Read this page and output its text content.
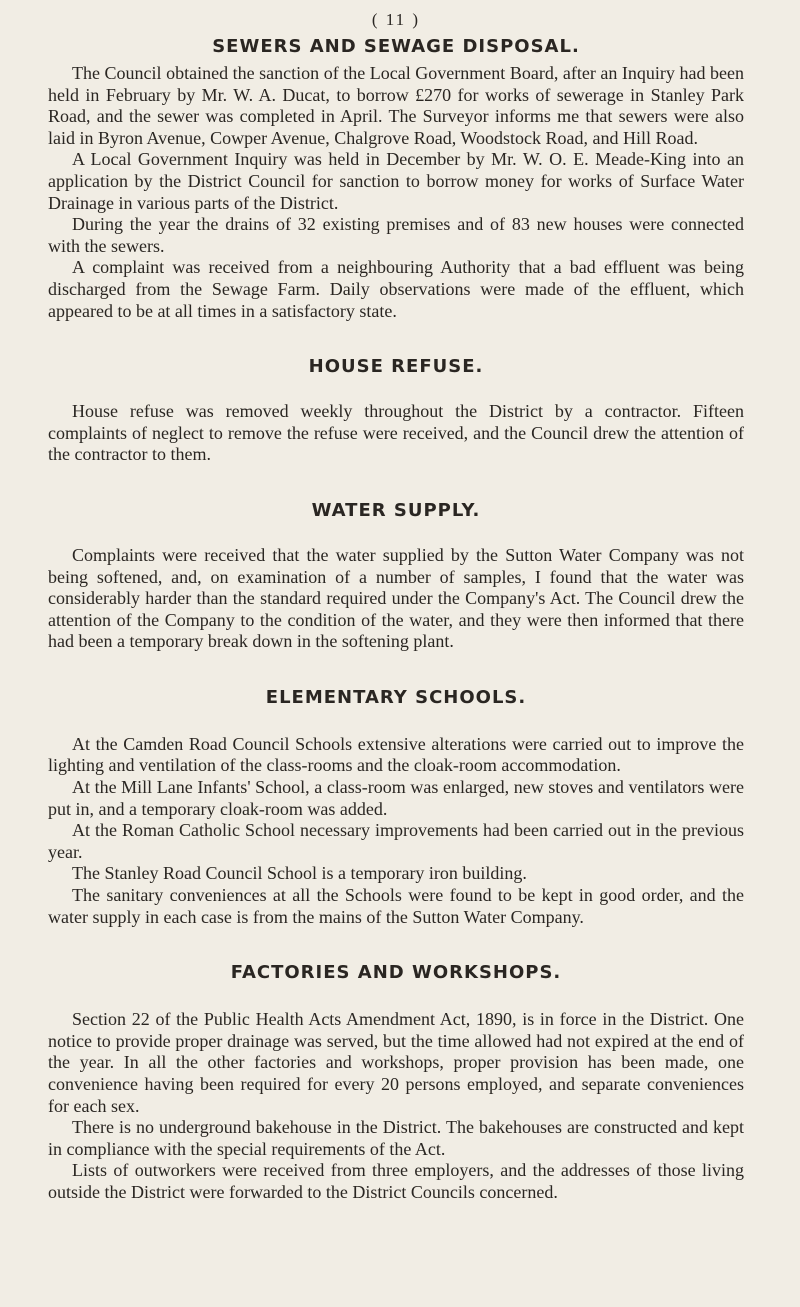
( 11 )
SEWERS AND SEWAGE DISPOSAL.

The Council obtained the sanction of the Local Government Board, after an Inquiry had been held in February by Mr. W. A. Ducat, to borrow £270 for works of sewerage in Stanley Park Road, and the sewer was completed in April. The Surveyor informs me that sewers were also laid in Byron Avenue, Cowper Avenue, Chalgrove Road, Woodstock Road, and Hill Road.

A Local Government Inquiry was held in December by Mr. W. O. E. Meade-King into an application by the District Council for sanction to borrow money for works of Surface Water Drainage in various parts of the District.

During the year the drains of 32 existing premises and of 83 new houses were connected with the sewers.

A complaint was received from a neighbouring Authority that a bad effluent was being discharged from the Sewage Farm. Daily observations were made of the effluent, which appeared to be at all times in a satisfactory state.

HOUSE REFUSE.

House refuse was removed weekly throughout the District by a contractor. Fifteen complaints of neglect to remove the refuse were received, and the Council drew the attention of the contractor to them.

WATER SUPPLY.

Complaints were received that the water supplied by the Sutton Water Company was not being softened, and, on examination of a number of samples, I found that the water was considerably harder than the standard required under the Company's Act. The Council drew the attention of the Company to the condition of the water, and they were then informed that there had been a temporary break down in the softening plant.

ELEMENTARY SCHOOLS.

At the Camden Road Council Schools extensive alterations were carried out to improve the lighting and ventilation of the class-rooms and the cloak-room accommodation.

At the Mill Lane Infants' School, a class-room was enlarged, new stoves and ventilators were put in, and a temporary cloak-room was added.

At the Roman Catholic School necessary improvements had been carried out in the previous year.

The Stanley Road Council School is a temporary iron building.

The sanitary conveniences at all the Schools were found to be kept in good order, and the water supply in each case is from the mains of the Sutton Water Company.

FACTORIES AND WORKSHOPS.

Section 22 of the Public Health Acts Amendment Act, 1890, is in force in the District. One notice to provide proper drainage was served, but the time allowed had not expired at the end of the year. In all the other factories and workshops, proper provision has been made, one convenience having been required for every 20 persons employed, and separate conveniences for each sex.

There is no underground bakehouse in the District. The bakehouses are constructed and kept in compliance with the special requirements of the Act.

Lists of outworkers were received from three employers, and the addresses of those living outside the District were forwarded to the District Councils concerned.
